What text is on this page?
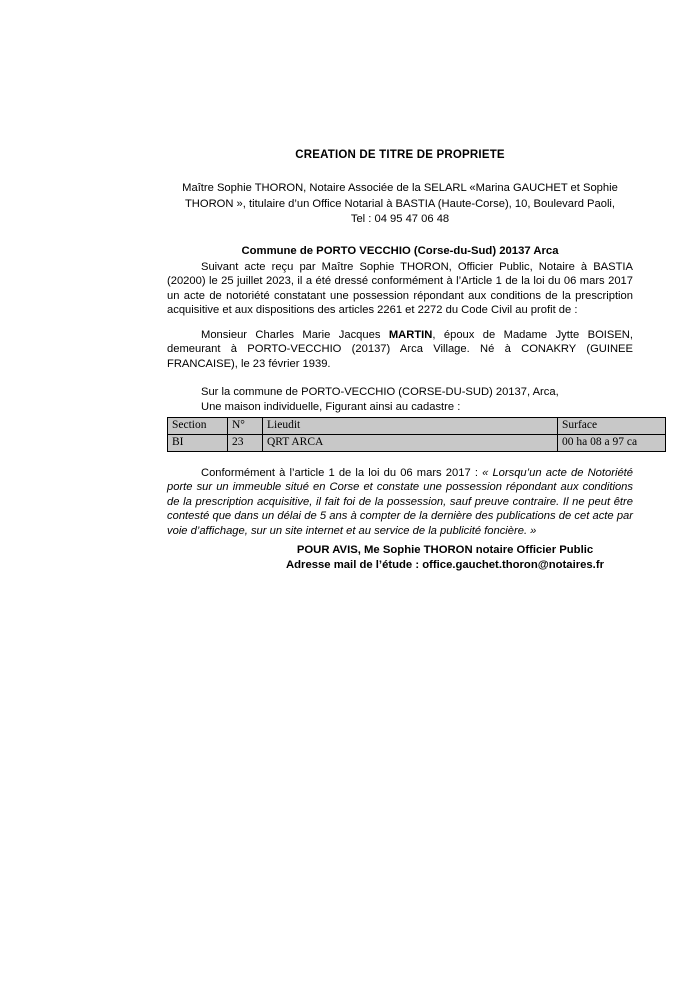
CREATION DE TITRE DE PROPRIETE
Maître Sophie THORON, Notaire Associée de la SELARL «Marina GAUCHET et Sophie
THORON », titulaire d’un Office Notarial à BASTIA (Haute-Corse), 10, Boulevard Paoli,
Tel : 04 95 47 06 48
Commune de PORTO VECCHIO (Corse-du-Sud) 20137 Arca

Suivant acte reçu par Maître Sophie THORON, Officier Public, Notaire à BASTIA (20200) le 25 juillet 2023, il a été dressé conformément à l’Article 1 de la loi du 06 mars 2017 un acte de notoriété constatant une possession répondant aux conditions de la prescription acquisitive et aux dispositions des articles 2261 et 2272 du Code Civil au profit de :

Monsieur Charles Marie Jacques MARTIN, époux de Madame Jytte BOISEN, demeurant à PORTO-VECCHIO (20137) Arca Village. Né à CONAKRY (GUINEE FRANCAISE), le 23 février 1939.

Sur la commune de PORTO-VECCHIO (CORSE-DU-SUD) 20137, Arca,
Une maison individuelle, Figurant ainsi au cadastre :
Section	N°	Lieudit	Surface
BI	23	QRT ARCA	00 ha 08 a 97 ca

Conformément à l’article 1 de la loi du 06 mars 2017 : « Lorsqu’un acte de Notoriété porte sur un immeuble situé en Corse et constate une possession répondant aux conditions de la prescription acquisitive, il fait foi de la possession, sauf preuve contraire. Il ne peut être contesté que dans un délai de 5 ans à compter de la dernière des publications de cet acte par voie d’affichage, sur un site internet et au service de la publicité foncière. »

POUR AVIS, Me Sophie THORON notaire Officier Public
Adresse mail de l’étude : office.gauchet.thoron@notaires.fr
